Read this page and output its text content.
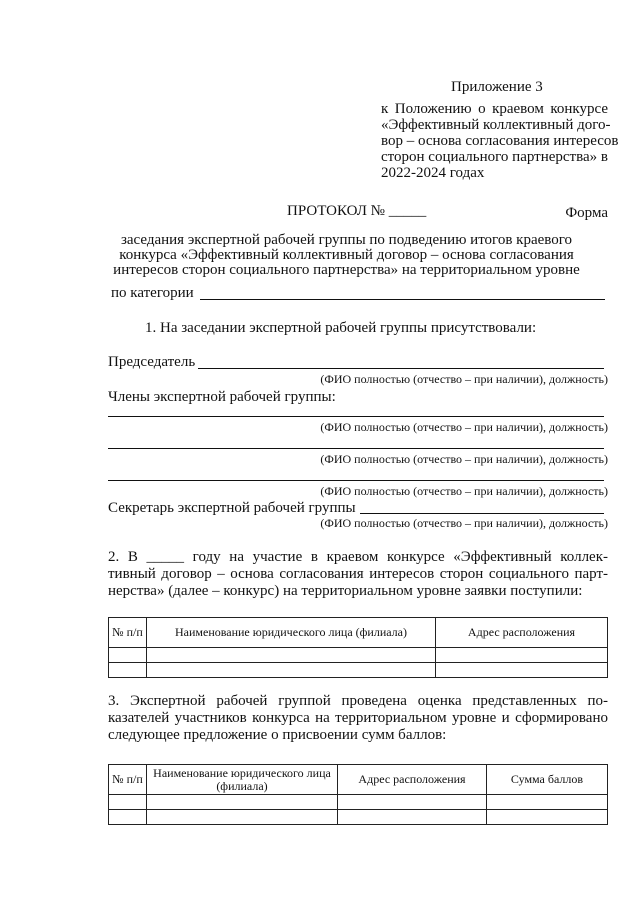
Приложение 3
к Положению о краевом конкурсе
«Эффективный коллективный дого-
вор – основа согласования интересов
сторон социального партнерства» в
2022-2024 годах
Форма
ПРОТОКОЛ № _____
заседания экспертной рабочей группы по подведению итогов краевого
конкурса «Эффективный коллективный договор – основа согласования
интересов сторон социального партнерства» на территориальном уровне
по категории
1. На заседании экспертной рабочей группы присутствовали:
Председатель
(ФИО полностью (отчество – при наличии), должность)
Члены экспертной рабочей группы:
(ФИО полностью (отчество – при наличии), должность)
(ФИО полностью (отчество – при наличии), должность)
(ФИО полностью (отчество – при наличии), должность)
Секретарь экспертной рабочей группы
(ФИО полностью (отчество – при наличии), должность)
2. В _____ году на участие в краевом конкурсе «Эффективный коллек-
тивный договор – основа согласования интересов сторон социального парт-
нерства» (далее – конкурс) на территориальном уровне заявки поступили:
№ п/п	Наименование юридического лица (филиала)	Адрес расположения

3. Экспертной рабочей группой проведена оценка представленных по-
казателей участников конкурса на территориальном уровне и сформировано
следующее предложение о присвоении сумм баллов:
№ п/п	Наименование юридического лица (филиала)	Адрес расположения	Сумма баллов
